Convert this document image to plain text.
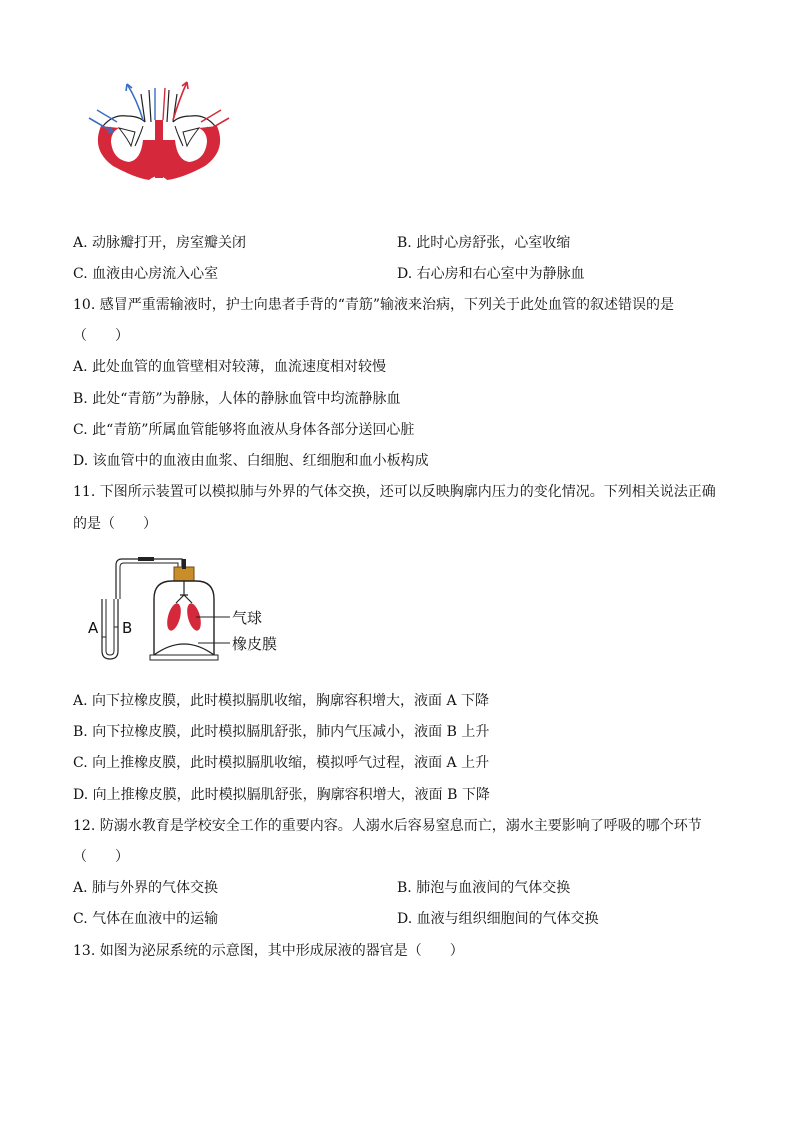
A. 动脉瓣打开，房室瓣关闭	B. 此时心房舒张，心室收缩
C. 血液由心房流入心室	D. 右心房和右心室中为静脉血
10. 感冒严重需输液时，护士向患者手背的“青筋”输液来治病，下列关于此处血管的叙述错误的是
（　　）
A. 此处血管的血管壁相对较薄，血流速度相对较慢
B. 此处“青筋”为静脉，人体的静脉血管中均流静脉血
C. 此“青筋”所属血管能够将血液从身体各部分送回心脏
D. 该血管中的血液由血浆、白细胞、红细胞和血小板构成
11. 下图所示装置可以模拟肺与外界的气体交换，还可以反映胸廓内压力的变化情况。下列相关说法正确
的是（　　）
A B
气球
橡皮膜
A. 向下拉橡皮膜，此时模拟膈肌收缩，胸廓容积增大，液面 A 下降
B. 向下拉橡皮膜，此时模拟膈肌舒张，肺内气压减小，液面 B 上升
C. 向上推橡皮膜，此时模拟膈肌收缩，模拟呼气过程，液面 A 上升
D. 向上推橡皮膜，此时模拟膈肌舒张，胸廓容积增大，液面 B 下降
12. 防溺水教育是学校安全工作的重要内容。人溺水后容易窒息而亡，溺水主要影响了呼吸的哪个环节
（　　）
A. 肺与外界的气体交换	B. 肺泡与血液间的气体交换
C. 气体在血液中的运输	D. 血液与组织细胞间的气体交换
13. 如图为泌尿系统的示意图，其中形成尿液的器官是（　　）
